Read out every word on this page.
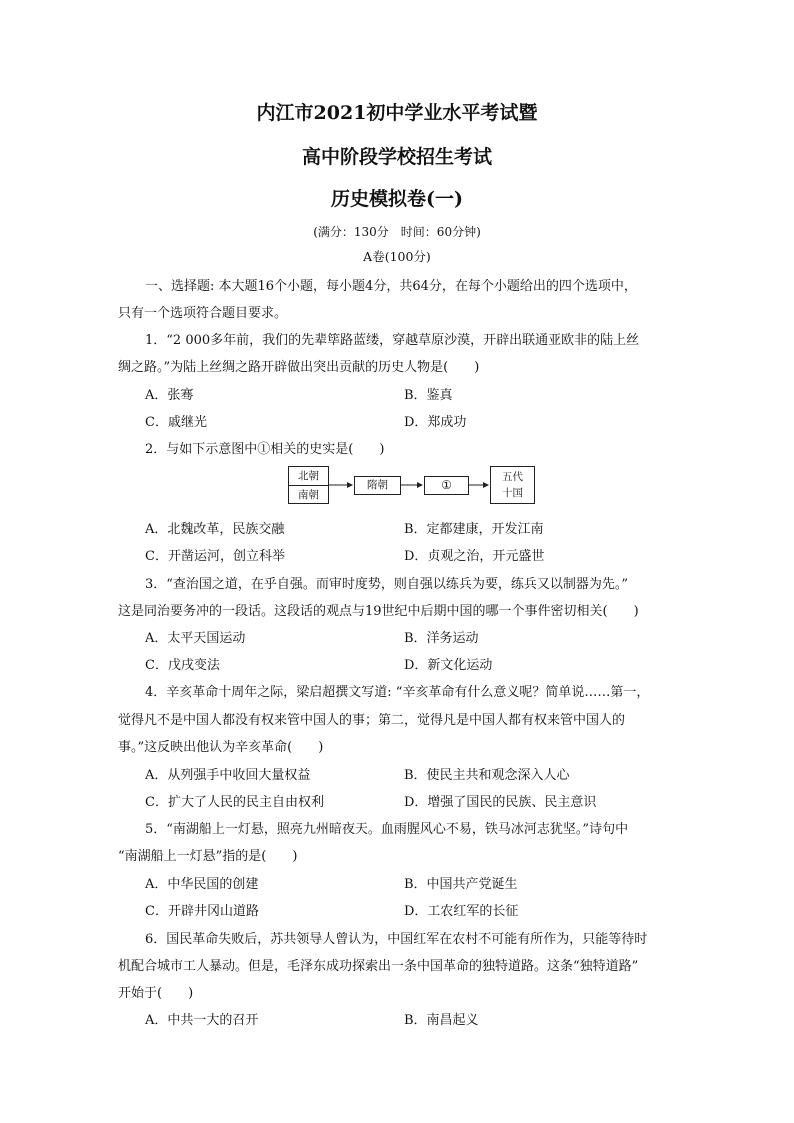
内江市2021初中学业水平考试暨
高中阶段学校招生考试
历史模拟卷(一)
(满分：130分　时间：60分钟)
A卷(100分)
一、选择题: 本大题16个小题，每小题4分，共64分，在每个小题给出的四个选项中，
只有一个选项符合题目要求。
1．“2 000多年前，我们的先辈筚路蓝缕，穿越草原沙漠，开辟出联通亚欧非的陆上丝
绸之路。”为陆上丝绸之路开辟做出突出贡献的历史人物是(　　)
A．张骞	B．鉴真
C．戚继光	D．郑成功
2．与如下示意图中①相关的史实是(　　)
北朝
南朝
隋朝	①
五代
十国
A．北魏改革，民族交融	B．定都建康，开发江南
C．开凿运河，创立科举	D．贞观之治，开元盛世
3．“查治国之道，在乎自强。而审时度势，则自强以练兵为要，练兵又以制器为先。”
这是同治要务冲的一段话。这段话的观点与19世纪中后期中国的哪一个事件密切相关(　　)
A．太平天国运动	B．洋务运动
C．戊戌变法	D．新文化运动
4．辛亥革命十周年之际，梁启超撰文写道: “辛亥革命有什么意义呢？简单说……第一，
觉得凡不是中国人都没有权来管中国人的事；第二，觉得凡是中国人都有权来管中国人的
事。”这反映出他认为辛亥革命(　　)
A．从列强手中收回大量权益	B．使民主共和观念深入人心
C．扩大了人民的民主自由权利	D．增强了国民的民族、民主意识
5．“南湖船上一灯悬，照亮九州暗夜天。血雨腥风心不易，铁马冰河志犹坚。”诗句中
“南湖船上一灯悬”指的是(　　)
A．中华民国的创建	B．中国共产党诞生
C．开辟井冈山道路	D．工农红军的长征
6．国民革命失败后，苏共领导人曾认为，中国红军在农村不可能有所作为，只能等待时
机配合城市工人暴动。但是，毛泽东成功探索出一条中国革命的独特道路。这条“独特道路”
开始于(　　)
A．中共一大的召开	B．南昌起义
